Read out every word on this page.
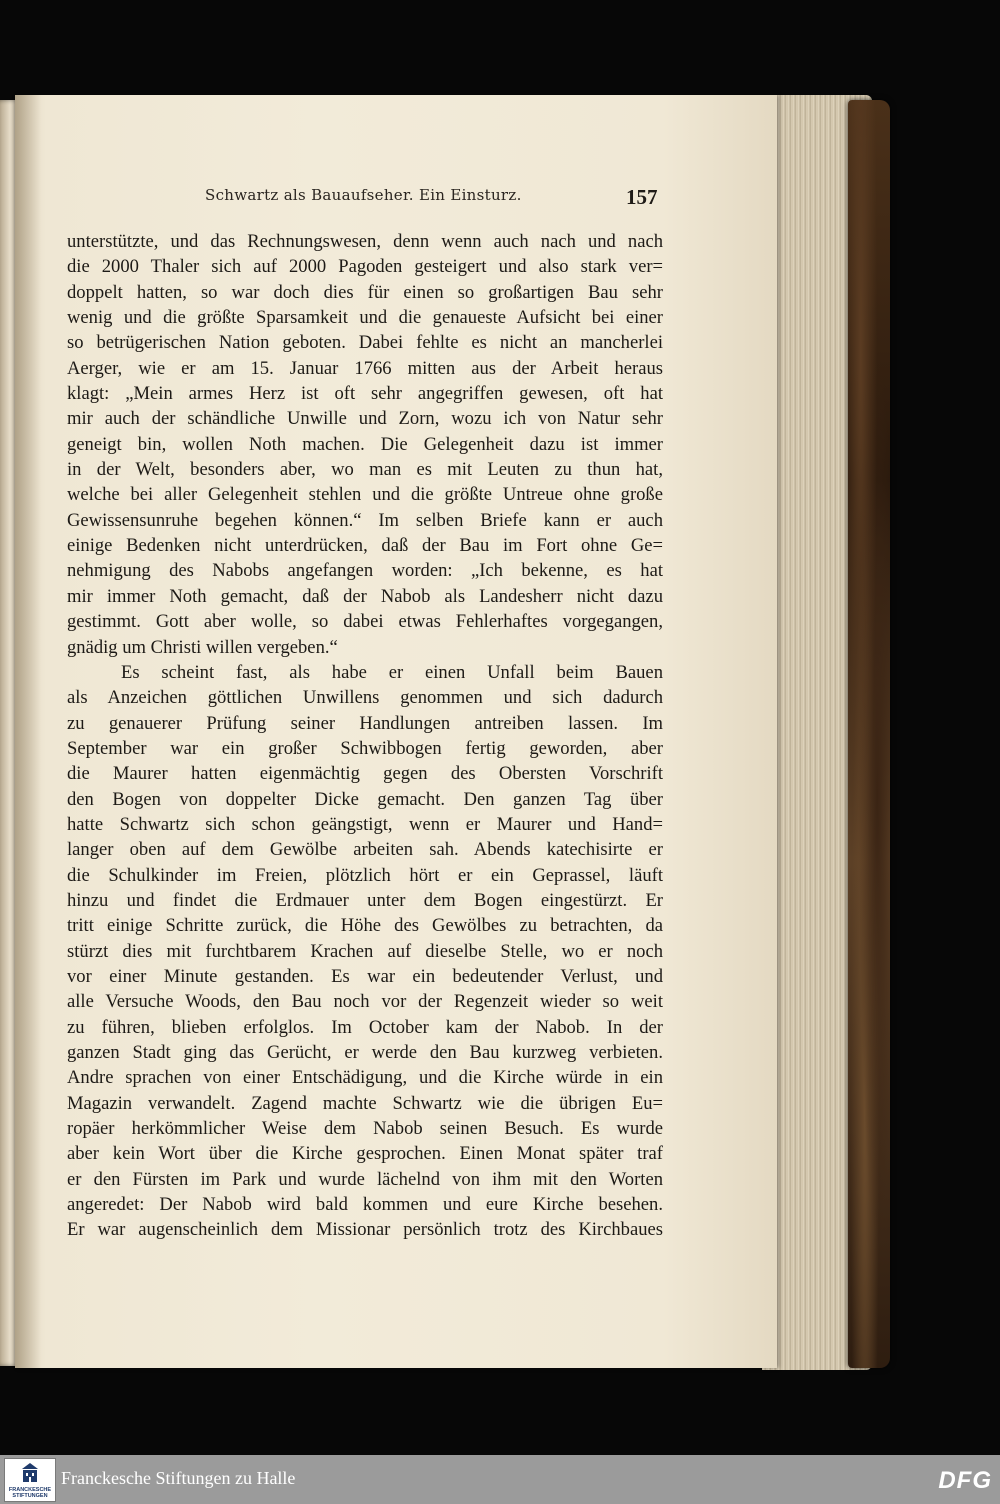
Schwartz als Bauaufseher. Ein Einsturz.	157
unterstützte, und das Rechnungswesen, denn wenn auch nach und nach
die 2000 Thaler sich auf 2000 Pagoden gesteigert und also stark ver=
doppelt hatten, so war doch dies für einen so großartigen Bau sehr
wenig und die größte Sparsamkeit und die genaueste Aufsicht bei einer
so betrügerischen Nation geboten. Dabei fehlte es nicht an mancherlei
Aerger, wie er am 15. Januar 1766 mitten aus der Arbeit heraus
klagt: „Mein armes Herz ist oft sehr angegriffen gewesen, oft hat
mir auch der schändliche Unwille und Zorn, wozu ich von Natur sehr
geneigt bin, wollen Noth machen. Die Gelegenheit dazu ist immer
in der Welt, besonders aber, wo man es mit Leuten zu thun hat,
welche bei aller Gelegenheit stehlen und die größte Untreue ohne große
Gewissensunruhe begehen können.“ Im selben Briefe kann er auch
einige Bedenken nicht unterdrücken, daß der Bau im Fort ohne Ge=
nehmigung des Nabobs angefangen worden: „Ich bekenne, es hat
mir immer Noth gemacht, daß der Nabob als Landesherr nicht dazu
gestimmt. Gott aber wolle, so dabei etwas Fehlerhaftes vorgegangen,
gnädig um Christi willen vergeben.“
Es scheint fast, als habe er einen Unfall beim Bauen
als Anzeichen göttlichen Unwillens genommen und sich dadurch
zu genauerer Prüfung seiner Handlungen antreiben lassen. Im
September war ein großer Schwibbogen fertig geworden, aber
die Maurer hatten eigenmächtig gegen des Obersten Vorschrift
den Bogen von doppelter Dicke gemacht. Den ganzen Tag über
hatte Schwartz sich schon geängstigt, wenn er Maurer und Hand=
langer oben auf dem Gewölbe arbeiten sah. Abends katechisirte er
die Schulkinder im Freien, plötzlich hört er ein Geprassel, läuft
hinzu und findet die Erdmauer unter dem Bogen eingestürzt. Er
tritt einige Schritte zurück, die Höhe des Gewölbes zu betrachten, da
stürzt dies mit furchtbarem Krachen auf dieselbe Stelle, wo er noch
vor einer Minute gestanden. Es war ein bedeutender Verlust, und
alle Versuche Woods, den Bau noch vor der Regenzeit wieder so weit
zu führen, blieben erfolglos. Im October kam der Nabob. In der
ganzen Stadt ging das Gerücht, er werde den Bau kurzweg verbieten.
Andre sprachen von einer Entschädigung, und die Kirche würde in ein
Magazin verwandelt. Zagend machte Schwartz wie die übrigen Eu=
ropäer herkömmlicher Weise dem Nabob seinen Besuch. Es wurde
aber kein Wort über die Kirche gesprochen. Einen Monat später traf
er den Fürsten im Park und wurde lächelnd von ihm mit den Worten
angeredet: Der Nabob wird bald kommen und eure Kirche besehen.
Er war augenscheinlich dem Missionar persönlich trotz des Kirchbaues
FRANCKESCHE
STIFTUNGEN
Franckesche Stiftungen zu Halle	DFG
